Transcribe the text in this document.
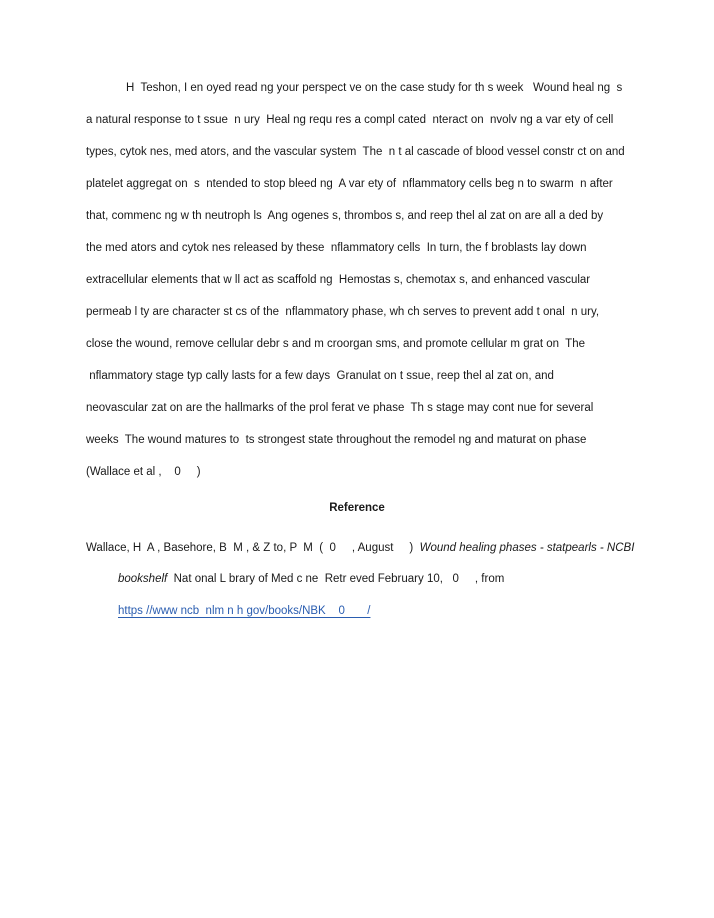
H  Teshon, I en oyed read ng your perspect ve on the case study for th s week   Wound heal ng  s
a natural response to t ssue  n ury  Heal ng requ res a compl cated  nteract on  nvolv ng a var ety of cell
types, cytok nes, med ators, and the vascular system  The  n t al cascade of blood vessel constr ct on and
platelet aggregat on  s  ntended to stop bleed ng  A var ety of  nflammatory cells beg n to swarm  n after
that, commenc ng w th neutroph ls  Ang ogenes s, thrombos s, and reep thel al zat on are all a ded by
the med ators and cytok nes released by these  nflammatory cells  In turn, the f broblasts lay down
extracellular elements that w ll act as scaffold ng  Hemostas s, chemotax s, and enhanced vascular
permeab l ty are character st cs of the  nflammatory phase, wh ch serves to prevent add t onal  n ury,
close the wound, remove cellular debr s and m croorgan sms, and promote cellular m grat on  The
nflammatory stage typ cally lasts for a few days  Granulat on t ssue, reep thel al zat on, and
neovascular zat on are the hallmarks of the prol ferat ve phase  Th s stage may cont nue for several
weeks  The wound matures to  ts strongest state throughout the remodel ng and maturat on phase
(Wallace et al ,    0     )
Reference
Wallace, H  A , Basehore, B  M , & Z to, P  M  (  0     , August     )  Wound healing phases - statpearls - NCBI
bookshelf  Nat onal L brary of Med c ne  Retr eved February 10,   0     , from
https //www ncb  nlm n h gov/books/NBK    0       /
